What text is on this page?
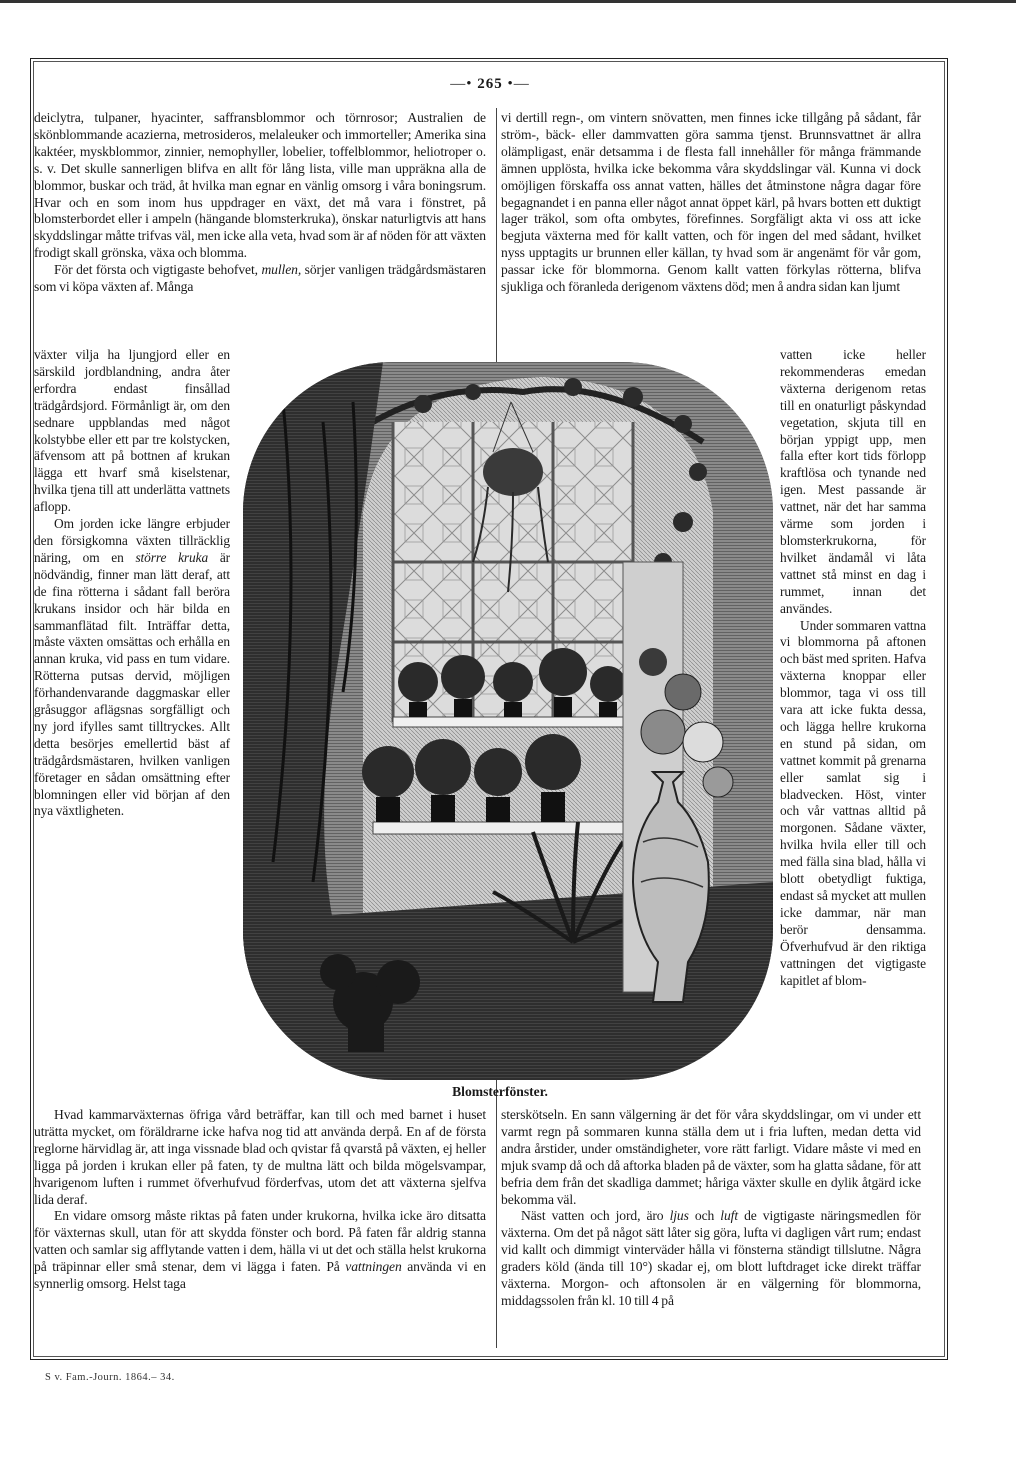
—• 265 •—

deiclytra, tulpaner, hyacinter, saffransblommor och törnrosor; Australien de skönblommande acazierna, metrosideros, melaleuker och immorteller; Amerika sina kaktéer, myskblommor, zinnier, nemophyller, lobelier, toffelblommor, heliotroper o. s. v. Det skulle sannerligen blifva en allt för lång lista, ville man uppräkna alla de blommor, buskar och träd, åt hvilka man egnar en vänlig omsorg i våra boningsrum. Hvar och en som inom hus uppdrager en växt, det må vara i fönstret, på blomsterbordet eller i ampeln (hängande blomsterkruka), önskar naturligtvis att hans skyddslingar måtte trifvas väl, men icke alla veta, hvad som är af nöden för att växten frodigt skall grönska, växa och blomma.

För det första och vigtigaste behofvet, mullen, sörjer vanligen trädgårdsmästaren som vi köpa växten af. Många

växter vilja ha ljungjord eller en särskild jordblandning, andra åter erfordra endast finsållad trädgårdsjord. Förmånligt är, om den sednare uppblandas med något kolstybbe eller ett par tre kolstycken, äfvensom att på bottnen af krukan lägga ett hvarf små kiselstenar, hvilka tjena till att underlätta vattnets aflopp.

Om jorden icke längre erbjuder den försigkomna växten tillräcklig näring, om en större kruka är nödvändig, finner man lätt deraf, att de fina rötterna i sådant fall beröra krukans insidor och här bilda en sammanflätad filt. Inträffar detta, måste växten omsättas och erhålla en annan kruka, vid pass en tum vidare. Rötterna putsas dervid, möjligen förhandenvarande daggmaskar eller gråsuggor aflägsnas sorgfälligt och ny jord ifylles samt tilltryckes. Allt detta besörjes emellertid bäst af trädgårdsmästaren, hvilken vanligen företager en sådan omsättning efter blomningen eller vid början af den nya växtligheten.

Hvad kammarväxternas öfriga vård beträffar, kan till och med barnet i huset uträtta mycket, om föräldrarne icke hafva nog tid att använda derpå. En af de första reglorne härvidlag är, att inga vissnade blad och qvistar få qvarstå på växten, ej heller ligga på jorden i krukan eller på faten, ty de multna lätt och bilda mögelsvampar, hvarigenom luften i rummet öfverhufvud förderfvas, utom det att växterna sjelfva lida deraf.

En vidare omsorg måste riktas på faten under krukorna, hvilka icke äro ditsatta för växternas skull, utan för att skydda fönster och bord. På faten får aldrig stanna vatten och samlar sig afflytande vatten i dem, hälla vi ut det och ställa helst krukorna på träpinnar eller små stenar, dem vi lägga i faten. På vattningen använda vi en synnerlig omsorg. Helst taga

vi dertill regn-, om vintern snövatten, men finnes icke tillgång på sådant, får ström-, bäck- eller dammvatten göra samma tjenst. Brunnsvattnet är allra olämpligast, enär detsamma i de flesta fall innehåller för många främmande ämnen upplösta, hvilka icke bekomma våra skyddslingar väl. Kunna vi dock omöjligen förskaffa oss annat vatten, hälles det åtminstone några dagar före begagnandet i en panna eller något annat öppet kärl, på hvars botten ett duktigt lager träkol, som ofta ombytes, förefinnes. Sorgfäligt akta vi oss att icke begjuta växterna med för kallt vatten, och för ingen del med sådant, hvilket nyss upptagits ur brunnen eller källan, ty hvad som är angenämt för vår gom, passar icke för blommorna. Genom kallt vatten förkylas rötterna, blifva sjukliga och föranleda derigenom växtens död; men å andra sidan kan ljumt

vatten icke heller rekommenderas emedan växterna derigenom retas till en onaturligt påskyndad vegetation, skjuta till en början yppigt upp, men falla efter kort tids förlopp kraftlösa och tynande ned igen. Mest passande är vattnet, när det har samma värme som jorden i blomsterkrukorna, för hvilket ändamål vi låta vattnet stå minst en dag i rummet, innan det användes.

Under sommaren vattna vi blommorna på aftonen och bäst med spriten. Hafva växterna knoppar eller blommor, taga vi oss till vara att icke fukta dessa, och lägga hellre krukorna en stund på sidan, om vattnet kommit på grenarna eller samlat sig i bladvecken. Höst, vinter och vår vattnas alltid på morgonen. Sådane växter, hvilka hvila eller till och med fälla sina blad, hålla vi blott obetydligt fuktiga, endast så mycket att mullen icke dammar, när man berör densamma. Öfverhufvud är den riktiga vattningen det vigtigaste kapitlet af blom-

sterskötseln. En sann välgerning är det för våra skyddslingar, om vi under ett varmt regn på sommaren kunna ställa dem ut i fria luften, medan detta vid andra årstider, under omständigheter, vore rätt farligt. Vidare måste vi med en mjuk svamp då och då aftorka bladen på de växter, som ha glatta sådane, för att befria dem från det skadliga dammet; håriga växter skulle en dylik åtgärd icke bekomma väl.

Näst vatten och jord, äro ljus och luft de vigtigaste näringsmedlen för växterna. Om det på något sätt låter sig göra, lufta vi dagligen vårt rum; endast vid kallt och dimmigt vinterväder hålla vi fönsterna ständigt tillslutne. Några graders köld (ända till 10°) skadar ej, om blott luftdraget icke direkt träffar växterna. Morgon- och aftonsolen är en välgerning för blommorna, middagssolen från kl. 10 till 4 på

Blomsterfönster.
S v. Fam.-Journ. 1864.– 34.
